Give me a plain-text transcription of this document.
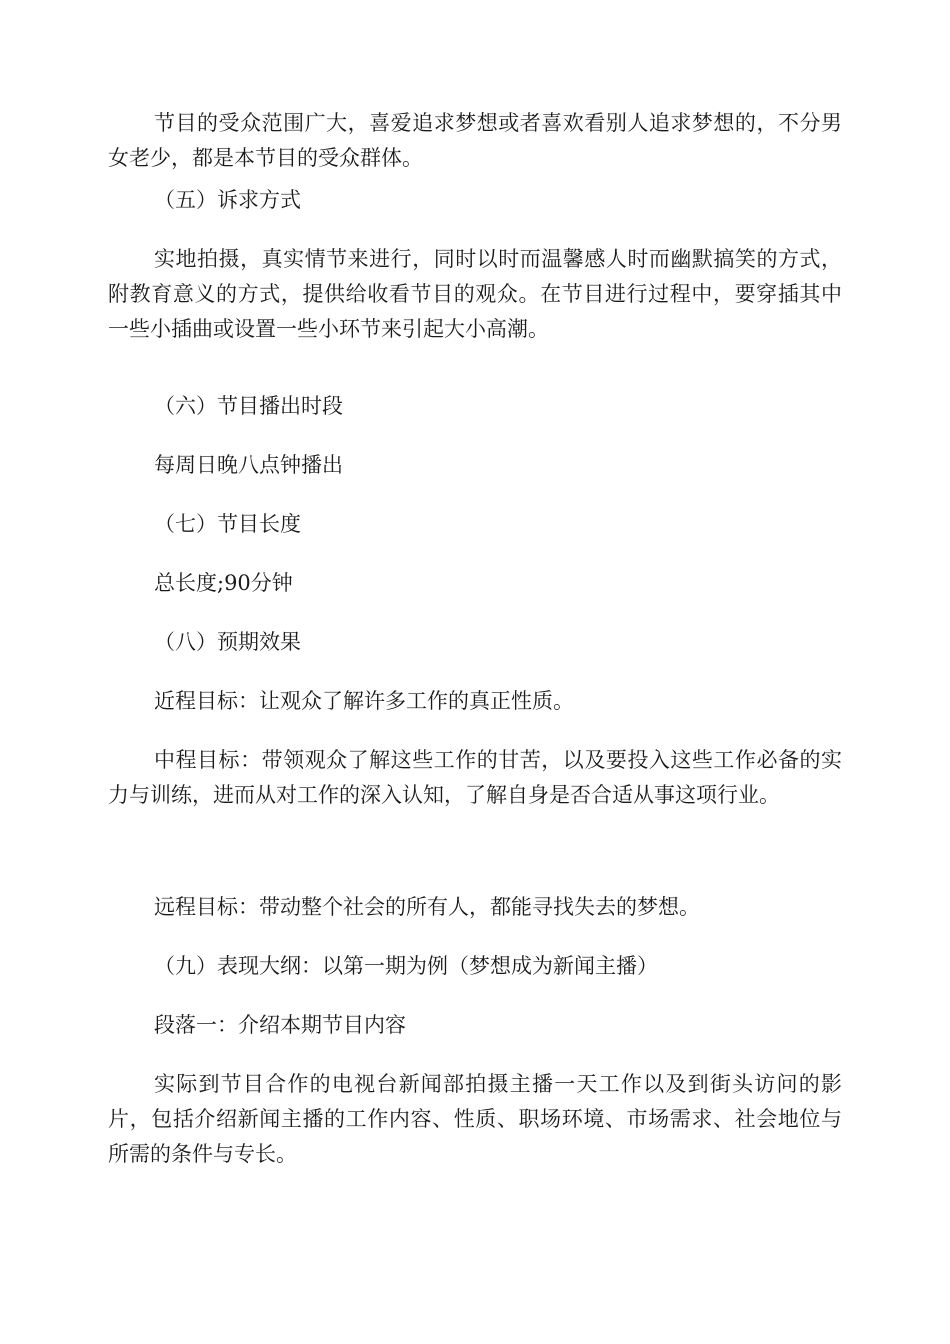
节目的受众范围广大，喜爱追求梦想或者喜欢看别人追求梦想的，不分男女老少，都是本节目的受众群体。

（五）诉求方式

实地拍摄，真实情节来进行，同时以时而温馨感人时而幽默搞笑的方式，附教育意义的方式，提供给收看节目的观众。在节目进行过程中，要穿插其中一些小插曲或设置一些小环节来引起大小高潮。

（六）节目播出时段

每周日晚八点钟播出

（七）节目长度

总长度;90分钟

（八）预期效果

近程目标：让观众了解许多工作的真正性质。

中程目标：带领观众了解这些工作的甘苦，以及要投入这些工作必备的实力与训练，进而从对工作的深入认知，了解自身是否合适从事这项行业。

远程目标：带动整个社会的所有人，都能寻找失去的梦想。

（九）表现大纲：以第一期为例（梦想成为新闻主播）

段落一：介绍本期节目内容

实际到节目合作的电视台新闻部拍摄主播一天工作以及到街头访问的影片，包括介绍新闻主播的工作内容、性质、职场环境、市场需求、社会地位与所需的条件与专长。
